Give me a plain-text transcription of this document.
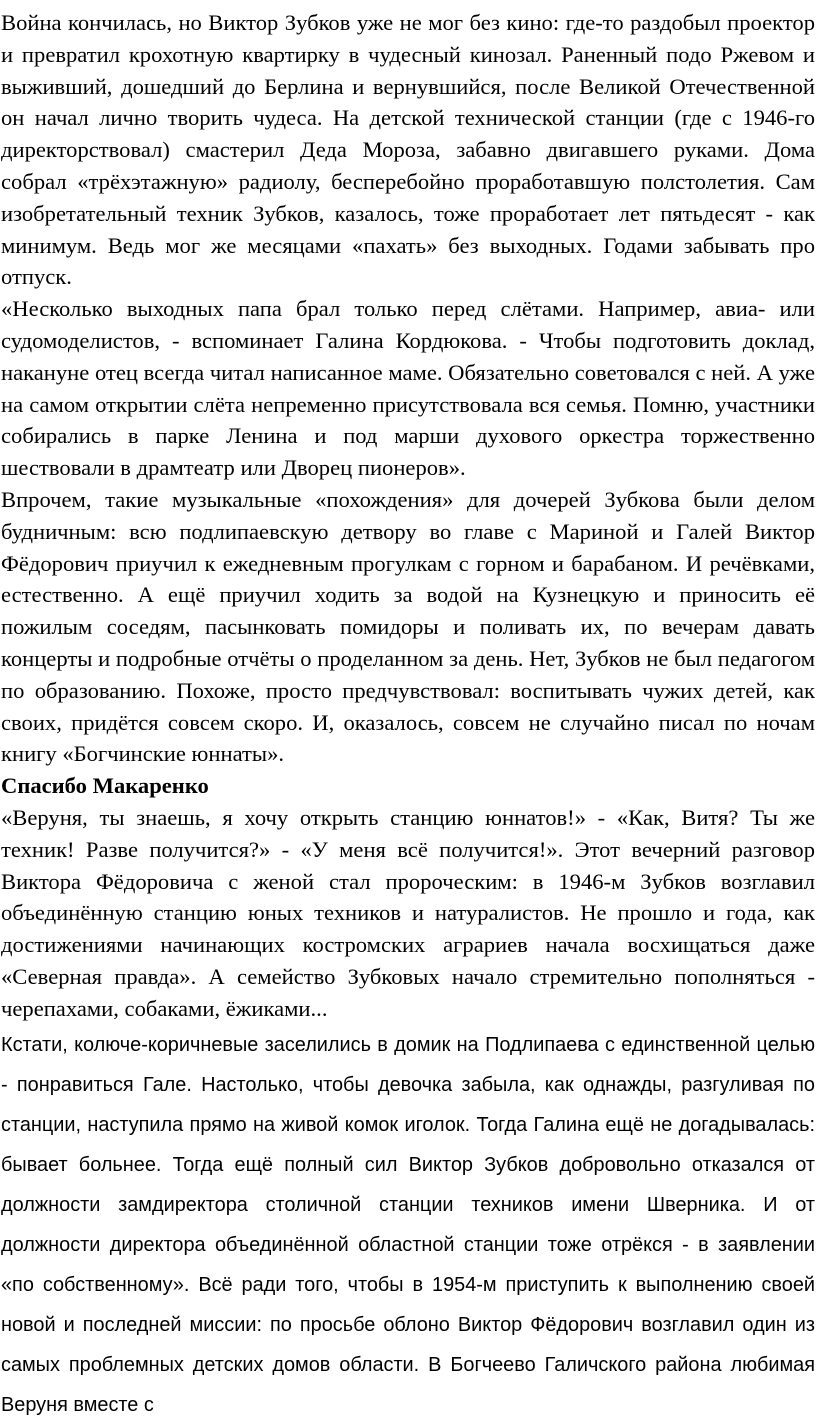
Война кончилась, но Виктор Зубков уже не мог без кино: где-то раздобыл проектор и превратил крохотную квартирку в чудесный кинозал. Раненный подо Ржевом и выживший, дошедший до Берлина и вернувшийся, после Великой Отечественной он начал лично творить чудеса. На детской технической станции (где с 1946-го директорствовал) смастерил Деда Мороза, забавно двигавшего руками. Дома собрал «трёхэтажную» радиолу, бесперебойно проработавшую полстолетия. Сам изобретательный техник Зубков, казалось, тоже проработает лет пятьдесят - как минимум. Ведь мог же месяцами «пахать» без выходных. Годами забывать про отпуск.

«Несколько выходных папа брал только перед слётами. Например, авиа- или судомоделистов, - вспоминает Галина Кордюкова. - Чтобы подготовить доклад, накануне отец всегда читал написанное маме. Обязательно советовался с ней. А уже на самом открытии слёта непременно присутствовала вся семья. Помню, участники собирались в парке Ленина и под марши духового оркестра торжественно шествовали в драмтеатр или Дворец пионеров».

Впрочем, такие музыкальные «похождения» для дочерей Зубкова были делом будничным: всю подлипаевскую детвору во главе с Мариной и Галей Виктор Фёдорович приучил к ежедневным прогулкам с горном и барабаном. И речёвками, естественно. А ещё приучил ходить за водой на Кузнецкую и приносить её пожилым соседям, пасынковать помидоры и поливать их, по вечерам давать концерты и подробные отчёты о проделанном за день. Нет, Зубков не был педагогом по образованию. Похоже, просто предчувствовал: воспитывать чужих детей, как своих, придётся совсем скоро. И, оказалось, совсем не случайно писал по ночам книгу «Богчинские юннаты».

Спасибо Макаренко

«Веруня, ты знаешь, я хочу открыть станцию юннатов!» - «Как, Витя? Ты же техник! Разве получится?» - «У меня всё получится!». Этот вечерний разговор Виктора Фёдоровича с женой стал пророческим: в 1946-м Зубков возглавил объединённую станцию юных техников и натуралистов. Не прошло и года, как достижениями начинающих костромских аграриев начала восхищаться даже «Северная правда». А семейство Зубковых начало стремительно пополняться - черепахами, собаками, ёжиками...

Кстати, колюче-коричневые заселились в домик на Подлипаева с единственной целью - понравиться Гале. Настолько, чтобы девочка забыла, как однажды, разгуливая по станции, наступила прямо на живой комок иголок. Тогда Галина ещё не догадывалась: бывает больнее. Тогда ещё полный сил Виктор Зубков добровольно отказался от должности замдиректора столичной станции техников имени Шверника. И от должности директора объединённой областной станции тоже отрёкся - в заявлении «по собственному». Всё ради того, чтобы в 1954-м приступить к выполнению своей новой и последней миссии: по просьбе облоно Виктор Фёдорович возглавил один из самых проблемных детских домов области. В Богчеево Галичского района любимая Веруня вместе с
